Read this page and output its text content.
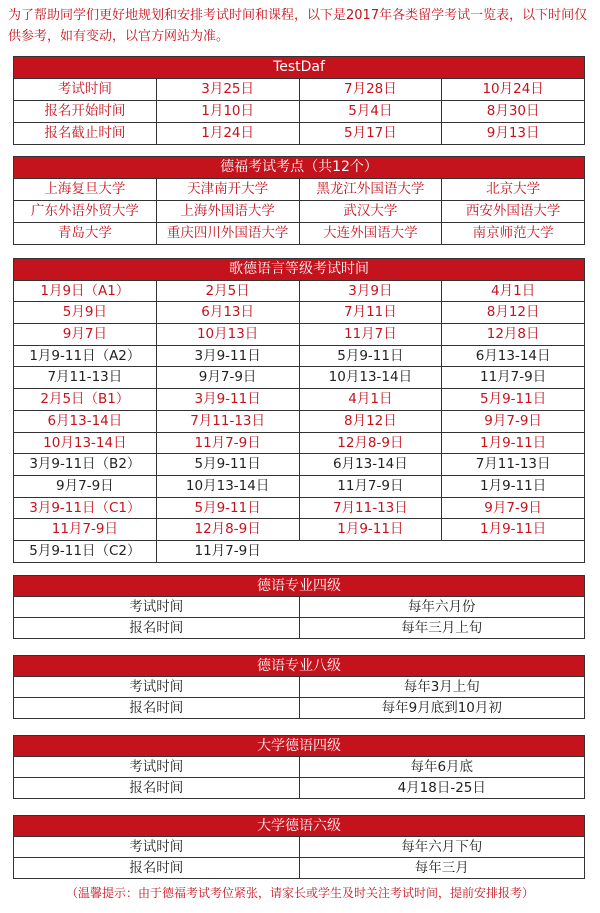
为了帮助同学们更好地规划和安排考试时间和课程，以下是2017年各类留学考试一览表，以下时间仅供参考，如有变动，以官方网站为准。
TestDaf
考试时间	3月25日	7月28日	10月24日
报名开始时间	1月10日	5月4日	8月30日
报名截止时间	1月24日	5月17日	9月13日
德福考试考点（共12个）
上海复旦大学	天津南开大学	黑龙江外国语大学	北京大学
广东外语外贸大学	上海外国语大学	武汉大学	西安外国语大学
青岛大学	重庆四川外国语大学	大连外国语大学	南京师范大学
歌德语言等级考试时间
1月9日（A1）	2月5日	3月9日	4月1日
5月9日	6月13日	7月11日	8月12日
9月7日	10月13日	11月7日	12月8日
1月9-11日（A2）	3月9-11日	5月9-11日	6月13-14日
7月11-13日	9月7-9日	10月13-14日	11月7-9日
2月5日（B1）	3月9-11日	4月1日	5月9-11日
6月13-14日	7月11-13日	8月12日	9月7-9日
10月13-14日	11月7-9日	12月8-9日	1月9-11日
3月9-11日（B2）	5月9-11日	6月13-14日	7月11-13日
9月7-9日	10月13-14日	11月7-9日	1月9-11日
3月9-11日（C1）	5月9-11日	7月11-13日	9月7-9日
11月7-9日	12月8-9日	1月9-11日	1月9-11日
5月9-11日（C2）	11月7-9日
德语专业四级
考试时间	每年六月份
报名时间	每年三月上旬
德语专业八级
考试时间	每年3月上旬
报名时间	每年9月底到10月初
大学德语四级
考试时间	每年6月底
报名时间	4月18日-25日
大学德语六级
考试时间	每年六月下旬
报名时间	每年三月
（温馨提示：由于德福考试考位紧张，请家长或学生及时关注考试时间，提前安排报考）
